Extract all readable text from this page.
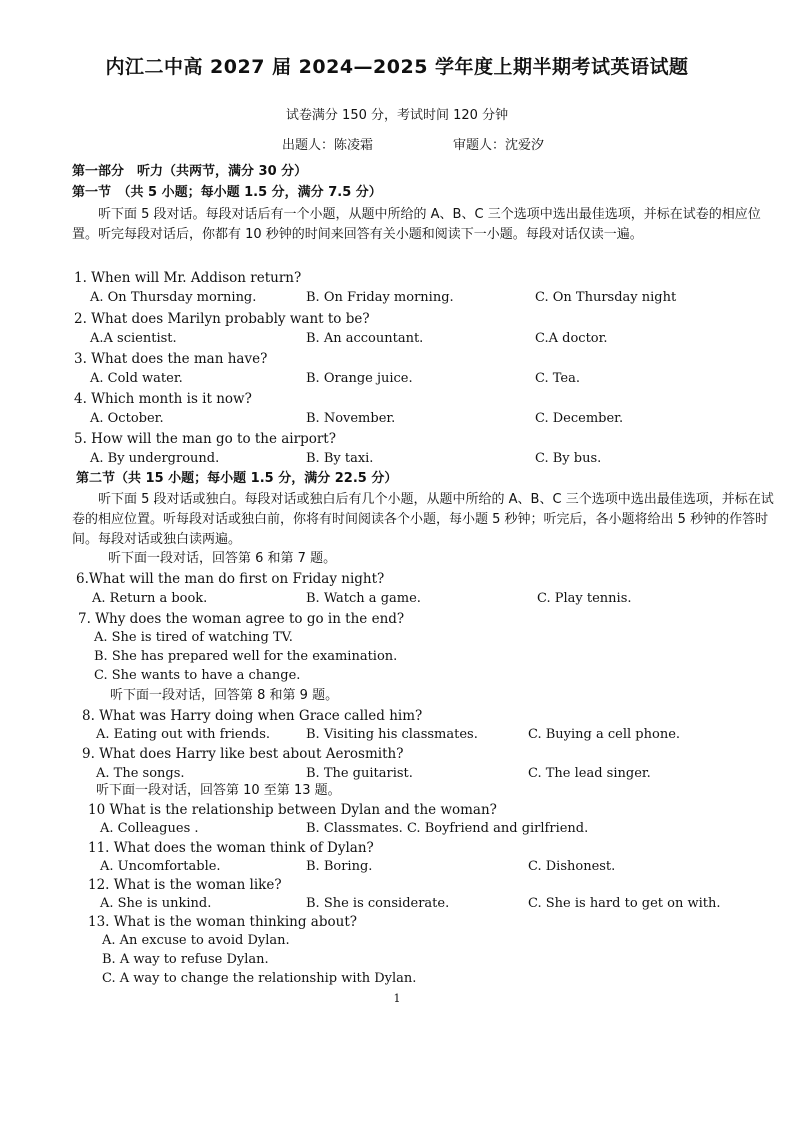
内江二中高 2027 届 2024—2025 学年度上期半期考试英语试题
试卷满分 150 分，考试时间 120 分钟
出题人：陈凌霜	审题人：沈爱汐
第一部分　听力（共两节，满分 30 分）
第一节　（共 5 小题；每小题 1.5 分，满分 7.5 分）
听下面 5 段对话。每段对话后有一个小题，从题中所给的 A、B、C 三个选项中选出最佳选项，并标在试卷的相应位置。听完每段对话后，你都有 10 秒钟的时间来回答有关小题和阅读下一小题。每段对话仅读一遍。
1. When will Mr. Addison return?
A. On Thursday morning.	B. On Friday morning.	C. On Thursday night
2. What does Marilyn probably want to be?
A.A scientist.	B. An accountant.	C.A doctor.
3. What does the man have?
A. Cold water.	B. Orange juice.	C. Tea.
4. Which month is it now?
A. October.	B. November.	C. December.
5. How will the man go to the airport?
A. By underground.	B. By taxi.	C. By bus.
第二节（共 15 小题；每小题 1.5 分，满分 22.5 分）
听下面 5 段对话或独白。每段对话或独白后有几个小题，从题中所给的 A、B、C 三个选项中选出最佳选项，并标在试卷的相应位置。听每段对话或独白前，你将有时间阅读各个小题，每小题 5 秒钟；听完后，各小题将给出 5 秒钟的作答时间。每段对话或独白读两遍。
听下面一段对话，回答第 6 和第 7 题。
6.What will the man do first on Friday night?
A. Return a book.	B. Watch a game.	C. Play tennis.
7. Why does the woman agree to go in the end?
A. She is tired of watching TV.
B. She has prepared well for the examination.
C. She wants to have a change.
听下面一段对话，回答第 8 和第 9 题。
8. What was Harry doing when Grace called him?
A. Eating out with friends.	B. Visiting his classmates.	C. Buying a cell phone.
9. What does Harry like best about Aerosmith?
A. The songs.	B. The guitarist.	C. The lead singer.
听下面一段对话，回答第 10 至第 13 题。
10 What is the relationship between Dylan and the woman?
A. Colleagues .	B. Classmates. C. Boyfriend and girlfriend.
11. What does the woman think of Dylan?
A. Uncomfortable.	B. Boring.	C. Dishonest.
12. What is the woman like?
A. She is unkind.	B. She is considerate.	C. She is hard to get on with.
13. What is the woman thinking about?
A. An excuse to avoid Dylan.
B. A way to refuse Dylan.
C. A way to change the relationship with Dylan.
1
